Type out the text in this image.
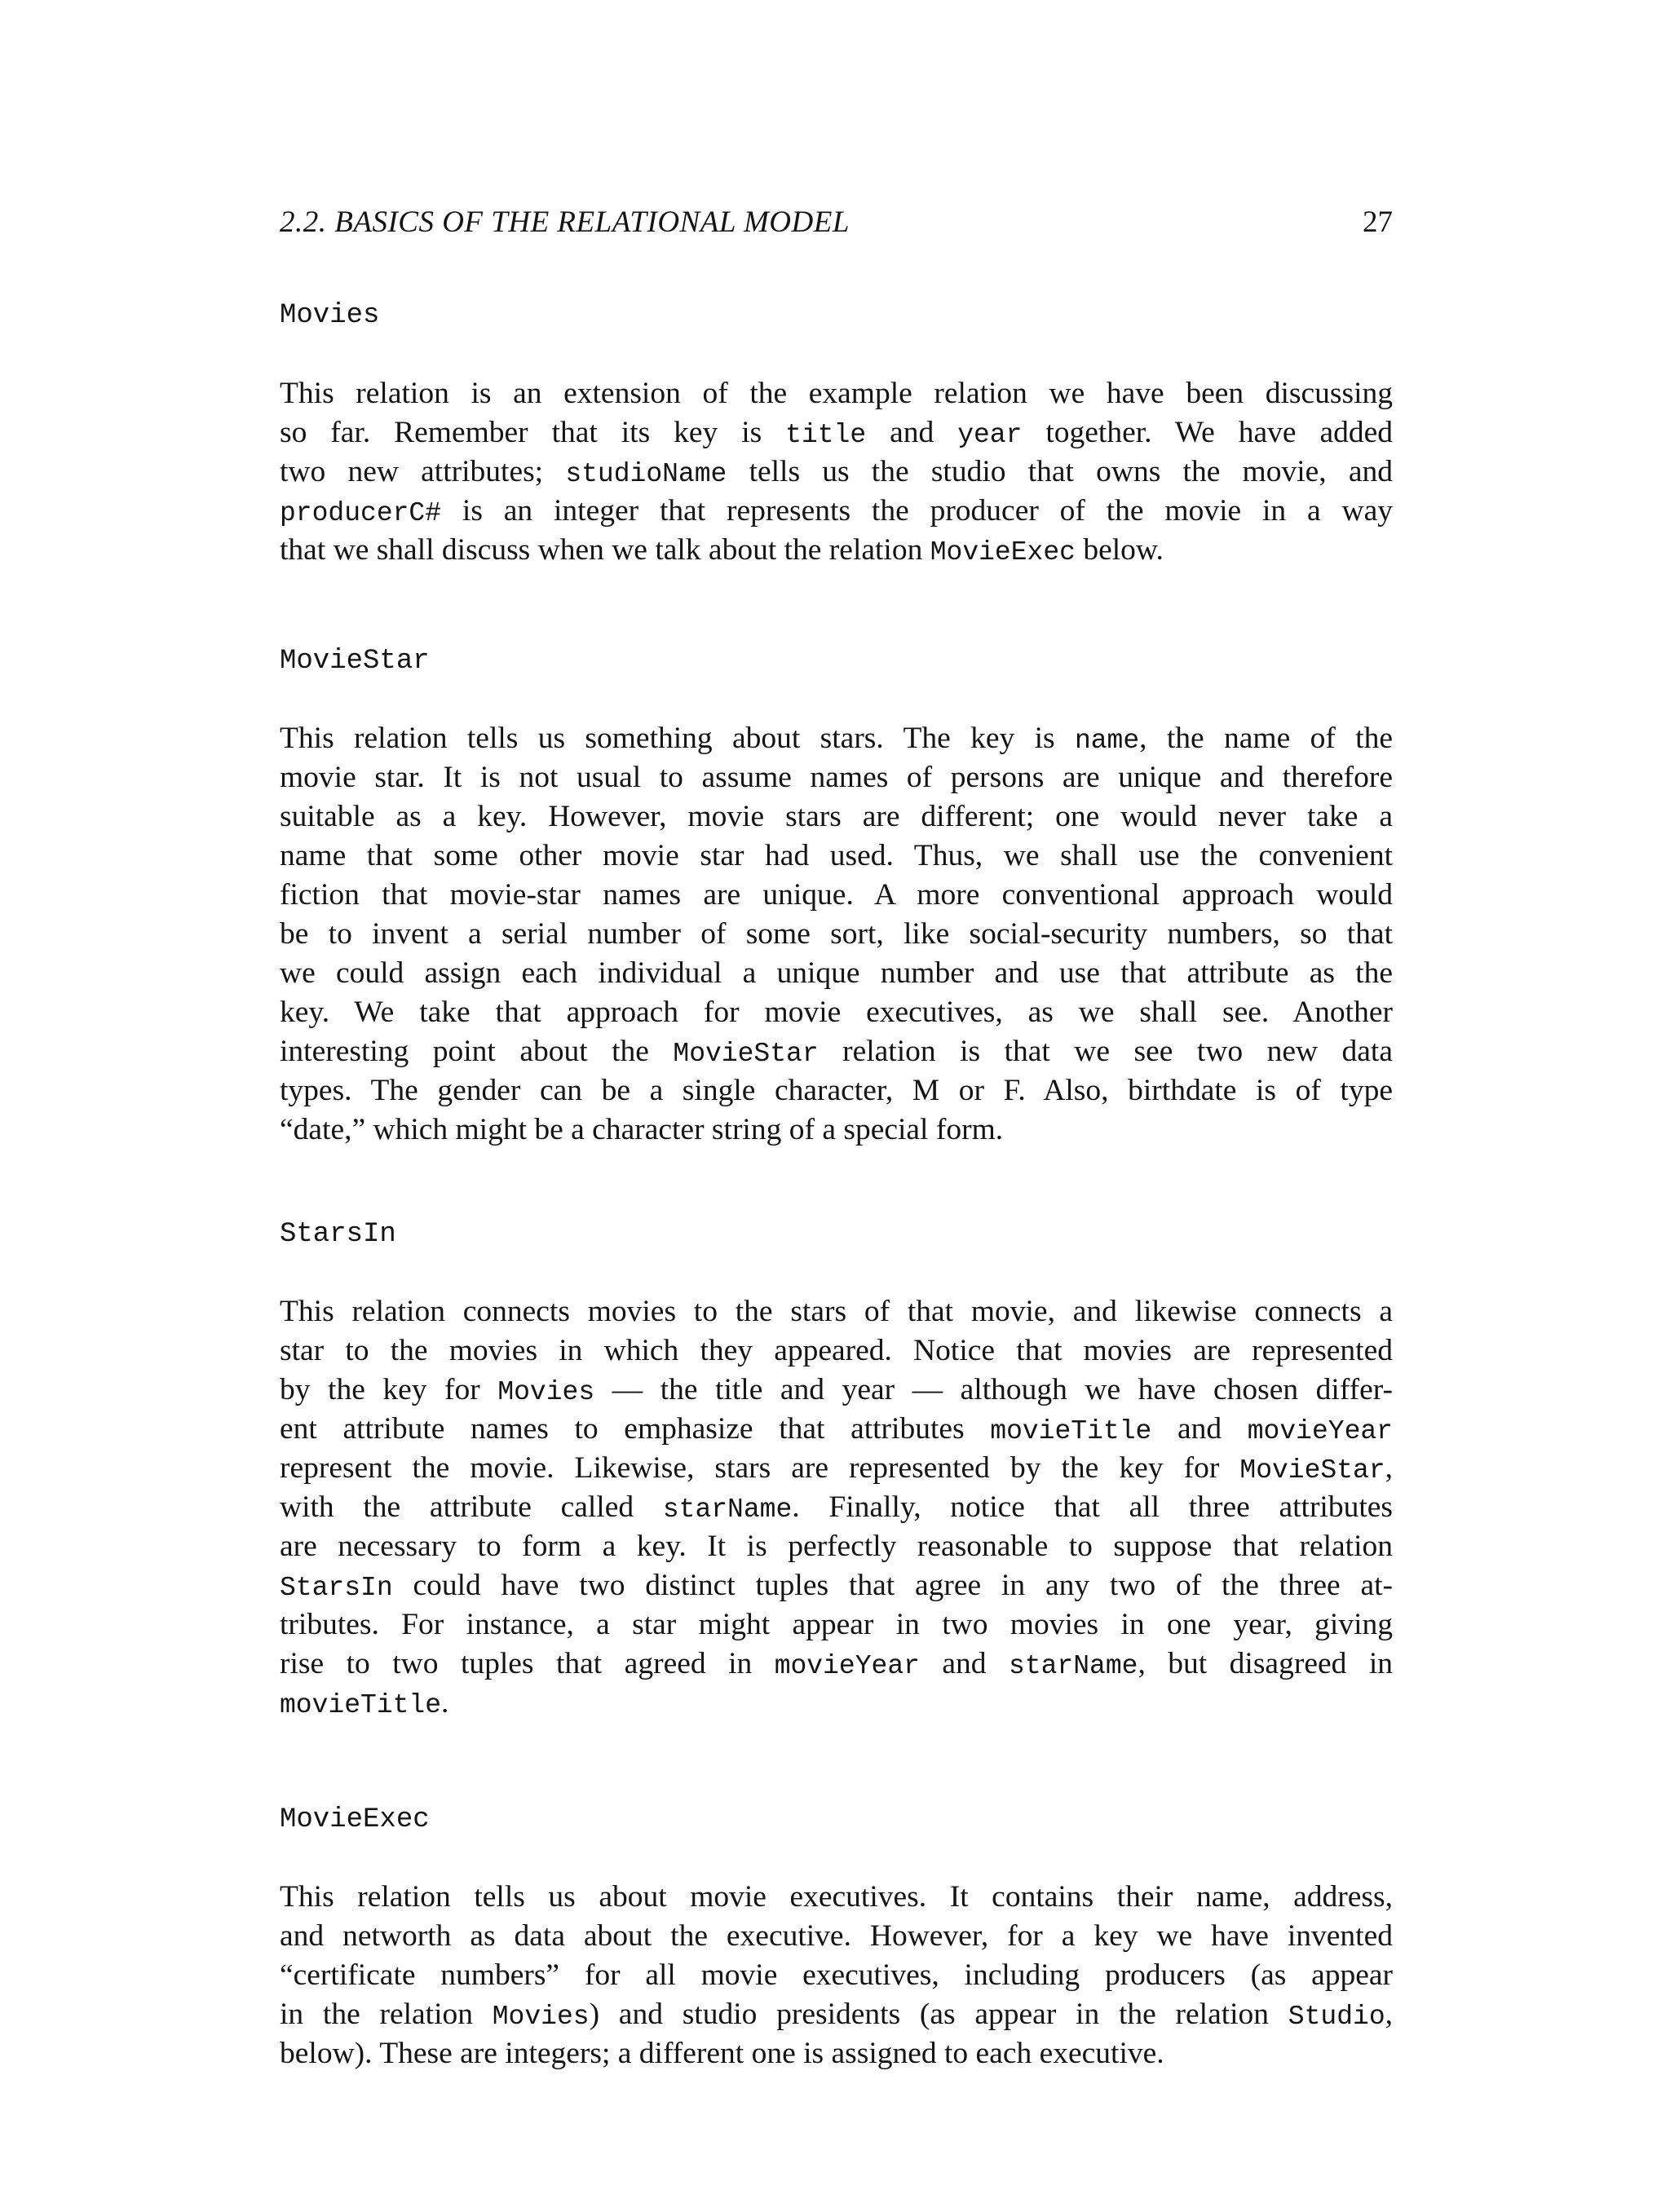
2.2. BASICS OF THE RELATIONAL MODEL	27
Movies
This relation is an extension of the example relation we have been discussing
so far. Remember that its key is title and year together. We have added
two new attributes; studioName tells us the studio that owns the movie, and
producerC# is an integer that represents the producer of the movie in a way
that we shall discuss when we talk about the relation MovieExec below.
MovieStar
This relation tells us something about stars. The key is name, the name of the
movie star. It is not usual to assume names of persons are unique and therefore
suitable as a key. However, movie stars are different; one would never take a
name that some other movie star had used. Thus, we shall use the convenient
fiction that movie-star names are unique. A more conventional approach would
be to invent a serial number of some sort, like social-security numbers, so that
we could assign each individual a unique number and use that attribute as the
key. We take that approach for movie executives, as we shall see. Another
interesting point about the MovieStar relation is that we see two new data
types. The gender can be a single character, M or F. Also, birthdate is of type
“date,” which might be a character string of a special form.
StarsIn
This relation connects movies to the stars of that movie, and likewise connects a
star to the movies in which they appeared. Notice that movies are represented
by the key for Movies — the title and year — although we have chosen differ-
ent attribute names to emphasize that attributes movieTitle and movieYear
represent the movie. Likewise, stars are represented by the key for MovieStar,
with the attribute called starName. Finally, notice that all three attributes
are necessary to form a key. It is perfectly reasonable to suppose that relation
StarsIn could have two distinct tuples that agree in any two of the three at-
tributes. For instance, a star might appear in two movies in one year, giving
rise to two tuples that agreed in movieYear and starName, but disagreed in
movieTitle.
MovieExec
This relation tells us about movie executives. It contains their name, address,
and networth as data about the executive. However, for a key we have invented
“certificate numbers” for all movie executives, including producers (as appear
in the relation Movies) and studio presidents (as appear in the relation Studio,
below). These are integers; a different one is assigned to each executive.
